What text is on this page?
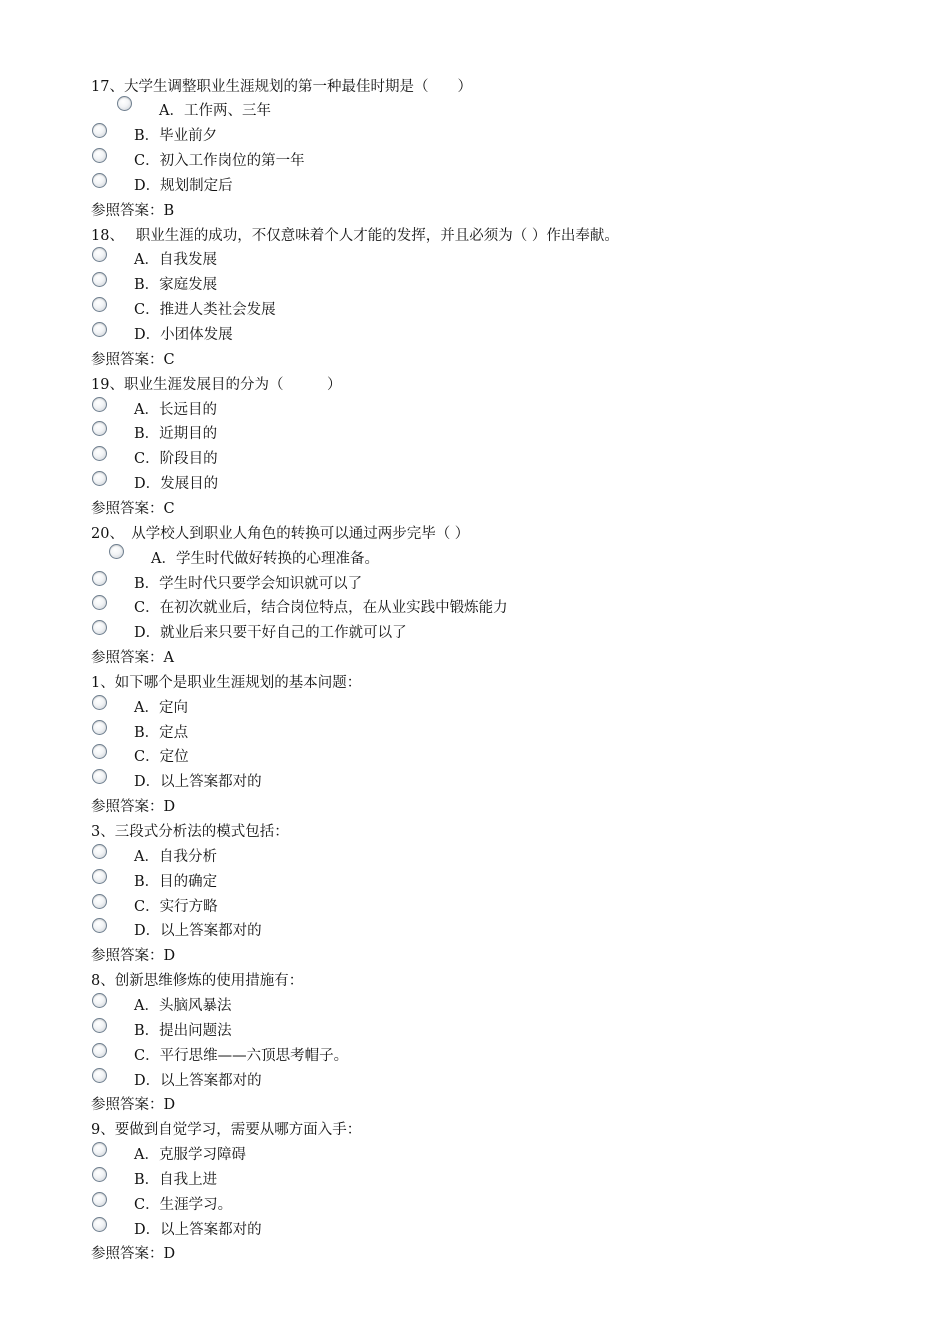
17、大学生调整职业生涯规划的第一种最佳时期是（　　）
A．工作两、三年
B．毕业前夕
C．初入工作岗位的第一年
D．规划制定后
参照答案：B
18、　 职业生涯的成功，不仅意味着个人才能的发挥，并且必须为（ ）作出奉献。
A．自我发展
B．家庭发展
C．推进人类社会发展
D．小团体发展
参照答案：C
19、职业生涯发展目的分为（　　　）
A．长远目的
B．近期目的
C．阶段目的
D．发展目的
参照答案：C
20、　从学校人到职业人角色的转换可以通过两步完毕（ ）
A．学生时代做好转换的心理准备。
B．学生时代只要学会知识就可以了
C．在初次就业后，结合岗位特点，在从业实践中锻炼能力
D．就业后来只要干好自己的工作就可以了
参照答案：A
1、如下哪个是职业生涯规划的基本问题：
A．定向
B．定点
C．定位
D．以上答案都对的
参照答案：D
3、三段式分析法的模式包括：
A．自我分析
B．目的确定
C．实行方略
D．以上答案都对的
参照答案：D
8、创新思维修炼的使用措施有：
A．头脑风暴法
B．提出问题法
C．平行思维——六顶思考帽子。
D．以上答案都对的
参照答案：D
9、要做到自觉学习，需要从哪方面入手：
A．克服学习障碍
B．自我上进
C．生涯学习。
D．以上答案都对的
参照答案：D
